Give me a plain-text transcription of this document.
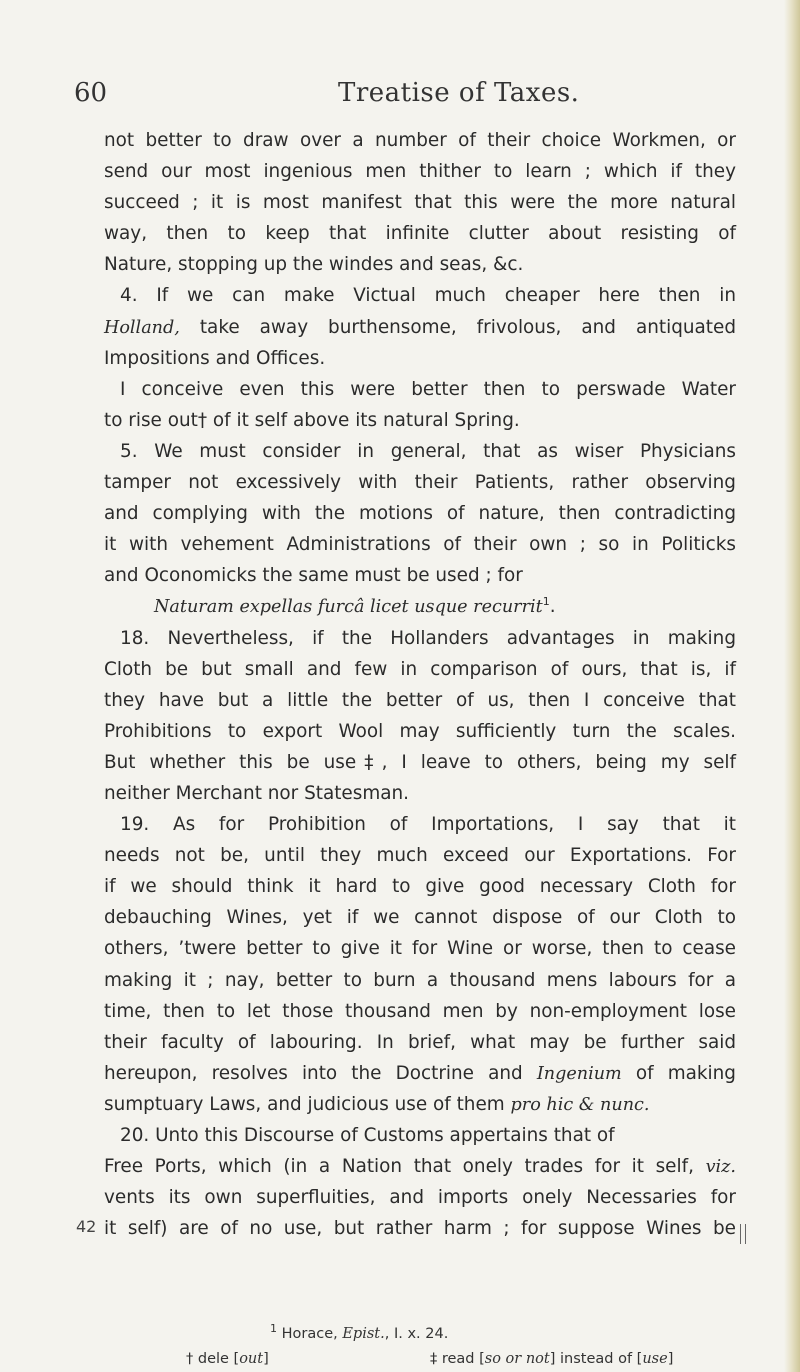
60	Treatise of Taxes.
not better to draw over a number of their choice Workmen, or
send our most ingenious men thither to learn ; which if they
succeed ; it is most manifest that this were the more natural
way, then to keep that infinite clutter about resisting of
Nature, stopping up the windes and seas, &c.
4. If we can make Victual much cheaper here then in
Holland, take away burthensome, frivolous, and antiquated
Impositions and Offices.
I conceive even this were better then to perswade Water
to rise out† of it self above its natural Spring.
5. We must consider in general, that as wiser Physicians
tamper not excessively with their Patients, rather observing
and complying with the motions of nature, then contradicting
it with vehement Administrations of their own ; so in Politicks
and Oconomicks the same must be used ; for
Naturam expellas furcâ licet usque recurrit$^1$.
18. Nevertheless, if the Hollanders advantages in making
Cloth be but small and few in comparison of ours, that is, if
they have but a little the better of us, then I conceive that
Prohibitions to export Wool may sufficiently turn the scales.
But whether this be use‡, I leave to others, being my self
neither Merchant nor Statesman.
19. As for Prohibition of Importations, I say that it
needs not be, until they much exceed our Exportations. For
if we should think it hard to give good necessary Cloth for
debauching Wines, yet if we cannot dispose of our Cloth to
others, ’twere better to give it for Wine or worse, then to cease
making it ; nay, better to burn a thousand mens labours for a
time, then to let those thousand men by non-employment lose
their faculty of labouring. In brief, what may be further said
hereupon, resolves into the Doctrine and Ingenium of making
sumptuary Laws, and judicious use of them pro hic & nunc.
20. Unto this Discourse of Customs appertains that of
Free Ports, which (in a Nation that onely trades for it self, viz.
vents its own superfluities, and imports onely Necessaries for
it self) are of no use, but rather harm ; for suppose Wines be
42
$^1$ Horace, Epist., I. x. 24.
† dele [out]	‡ read [so or not] instead of [use]
